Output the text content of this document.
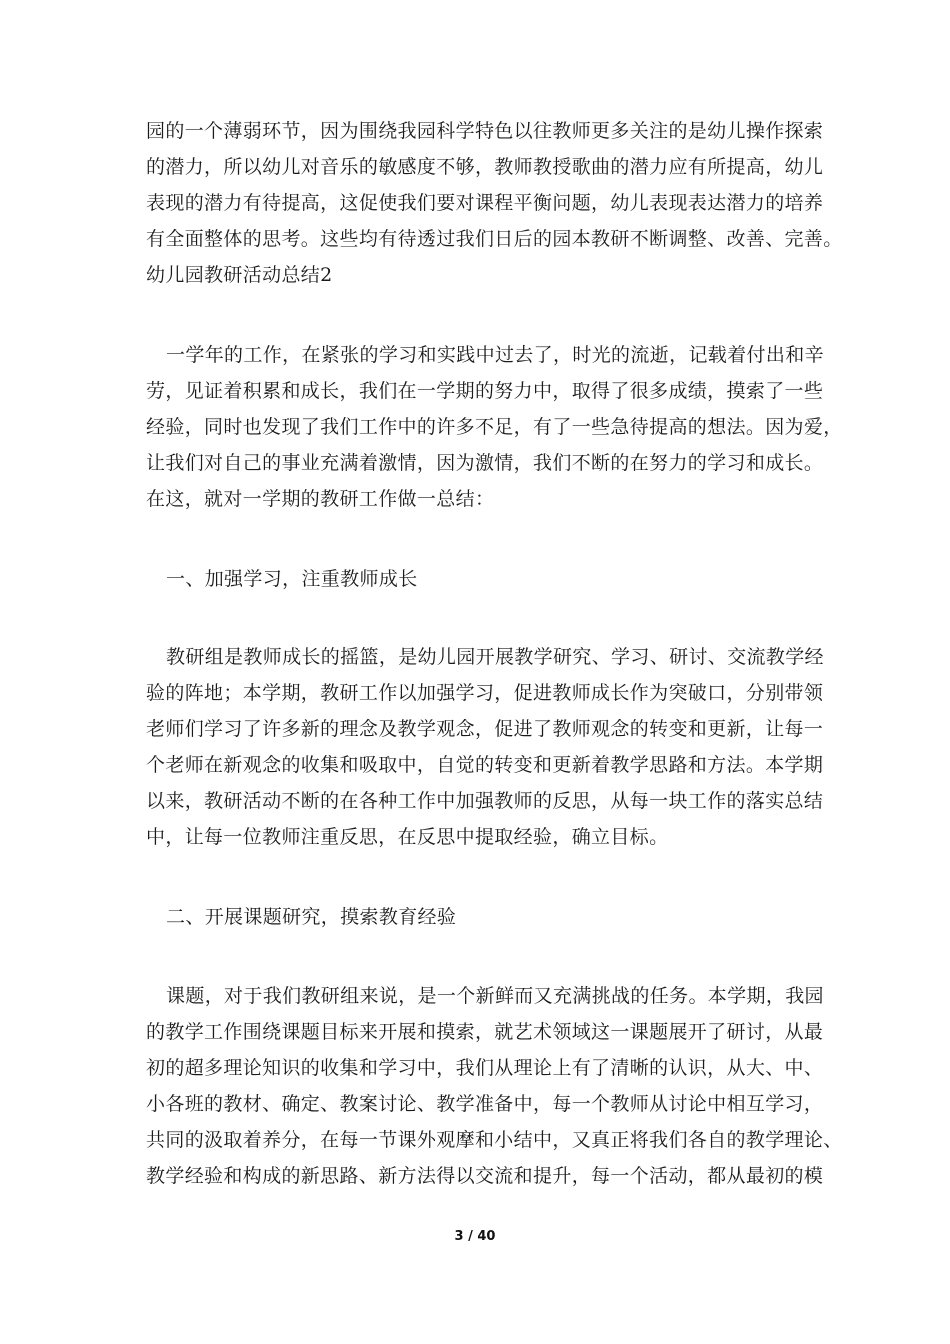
园的一个薄弱环节，因为围绕我园科学特色以往教师更多关注的是幼儿操作探索
的潜力，所以幼儿对音乐的敏感度不够，教师教授歌曲的潜力应有所提高，幼儿
表现的潜力有待提高，这促使我们要对课程平衡问题，幼儿表现表达潜力的培养
有全面整体的思考。这些均有待透过我们日后的园本教研不断调整、改善、完善。
幼儿园教研活动总结2
一学年的工作，在紧张的学习和实践中过去了，时光的流逝，记载着付出和辛
劳，见证着积累和成长，我们在一学期的努力中，取得了很多成绩，摸索了一些
经验，同时也发现了我们工作中的许多不足，有了一些急待提高的想法。因为爱，
让我们对自己的事业充满着激情，因为激情，我们不断的在努力的学习和成长。
在这，就对一学期的教研工作做一总结：
一、加强学习，注重教师成长
教研组是教师成长的摇篮，是幼儿园开展教学研究、学习、研讨、交流教学经
验的阵地；本学期，教研工作以加强学习，促进教师成长作为突破口，分别带领
老师们学习了许多新的理念及教学观念，促进了教师观念的转变和更新，让每一
个老师在新观念的收集和吸取中，自觉的转变和更新着教学思路和方法。本学期
以来，教研活动不断的在各种工作中加强教师的反思，从每一块工作的落实总结
中，让每一位教师注重反思，在反思中提取经验，确立目标。
二、开展课题研究，摸索教育经验
课题，对于我们教研组来说，是一个新鲜而又充满挑战的任务。本学期，我园
的教学工作围绕课题目标来开展和摸索，就艺术领域这一课题展开了研讨，从最
初的超多理论知识的收集和学习中，我们从理论上有了清晰的认识，从大、中、
小各班的教材、确定、教案讨论、教学准备中，每一个教师从讨论中相互学习，
共同的汲取着养分，在每一节课外观摩和小结中，又真正将我们各自的教学理论、
教学经验和构成的新思路、新方法得以交流和提升，每一个活动，都从最初的模
3 / 40
